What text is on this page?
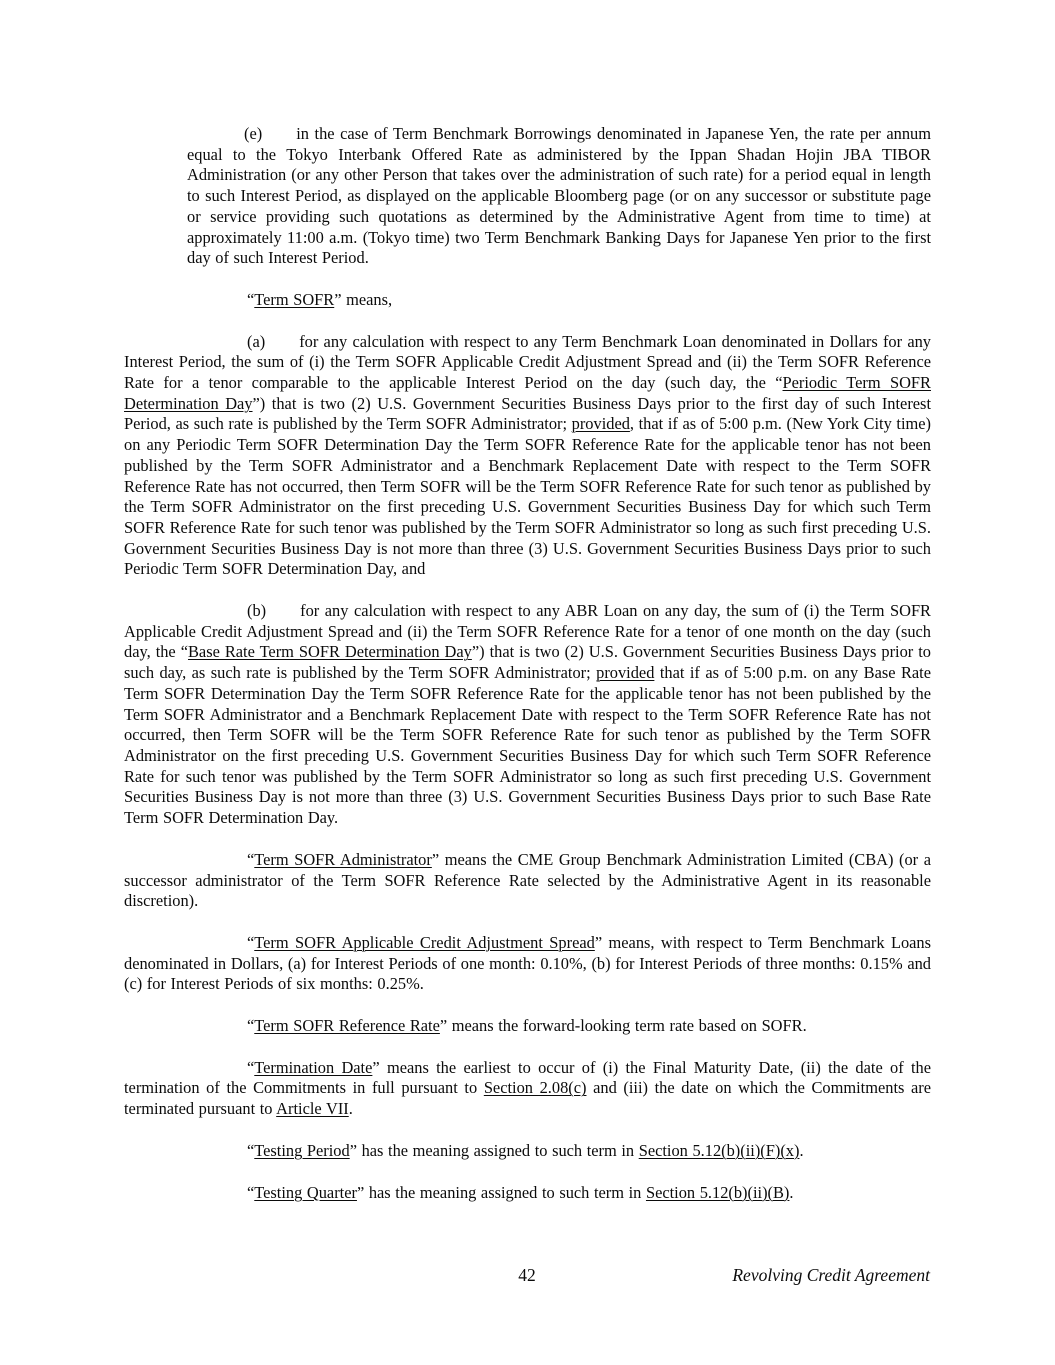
(e) in the case of Term Benchmark Borrowings denominated in Japanese Yen, the rate per annum equal to the Tokyo Interbank Offered Rate as administered by the Ippan Shadan Hojin JBA TIBOR Administration (or any other Person that takes over the administration of such rate) for a period equal in length to such Interest Period, as displayed on the applicable Bloomberg page (or on any successor or substitute page or service providing such quotations as determined by the Administrative Agent from time to time) at approximately 11:00 a.m. (Tokyo time) two Term Benchmark Banking Days for Japanese Yen prior to the first day of such Interest Period.

“Term SOFR” means,

(a) for any calculation with respect to any Term Benchmark Loan denominated in Dollars for any Interest Period, the sum of (i) the Term SOFR Applicable Credit Adjustment Spread and (ii) the Term SOFR Reference Rate for a tenor comparable to the applicable Interest Period on the day (such day, the “Periodic Term SOFR Determination Day”) that is two (2) U.S. Government Securities Business Days prior to the first day of such Interest Period, as such rate is published by the Term SOFR Administrator; provided, that if as of 5:00 p.m. (New York City time) on any Periodic Term SOFR Determination Day the Term SOFR Reference Rate for the applicable tenor has not been published by the Term SOFR Administrator and a Benchmark Replacement Date with respect to the Term SOFR Reference Rate has not occurred, then Term SOFR will be the Term SOFR Reference Rate for such tenor as published by the Term SOFR Administrator on the first preceding U.S. Government Securities Business Day for which such Term SOFR Reference Rate for such tenor was published by the Term SOFR Administrator so long as such first preceding U.S. Government Securities Business Day is not more than three (3) U.S. Government Securities Business Days prior to such Periodic Term SOFR Determination Day, and

(b) for any calculation with respect to any ABR Loan on any day, the sum of (i) the Term SOFR Applicable Credit Adjustment Spread and (ii) the Term SOFR Reference Rate for a tenor of one month on the day (such day, the “Base Rate Term SOFR Determination Day”) that is two (2) U.S. Government Securities Business Days prior to such day, as such rate is published by the Term SOFR Administrator; provided that if as of 5:00 p.m. on any Base Rate Term SOFR Determination Day the Term SOFR Reference Rate for the applicable tenor has not been published by the Term SOFR Administrator and a Benchmark Replacement Date with respect to the Term SOFR Reference Rate has not occurred, then Term SOFR will be the Term SOFR Reference Rate for such tenor as published by the Term SOFR Administrator on the first preceding U.S. Government Securities Business Day for which such Term SOFR Reference Rate for such tenor was published by the Term SOFR Administrator so long as such first preceding U.S. Government Securities Business Day is not more than three (3) U.S. Government Securities Business Days prior to such Base Rate Term SOFR Determination Day.

“Term SOFR Administrator” means the CME Group Benchmark Administration Limited (CBA) (or a successor administrator of the Term SOFR Reference Rate selected by the Administrative Agent in its reasonable discretion).

“Term SOFR Applicable Credit Adjustment Spread” means, with respect to Term Benchmark Loans denominated in Dollars, (a) for Interest Periods of one month: 0.10%, (b) for Interest Periods of three months: 0.15% and (c) for Interest Periods of six months: 0.25%.

“Term SOFR Reference Rate” means the forward-looking term rate based on SOFR.

“Termination Date” means the earliest to occur of (i) the Final Maturity Date, (ii) the date of the termination of the Commitments in full pursuant to Section 2.08(c) and (iii) the date on which the Commitments are terminated pursuant to Article VII.

“Testing Period” has the meaning assigned to such term in Section 5.12(b)(ii)(F)(x).

“Testing Quarter” has the meaning assigned to such term in Section 5.12(b)(ii)(B).

42	Revolving Credit Agreement
